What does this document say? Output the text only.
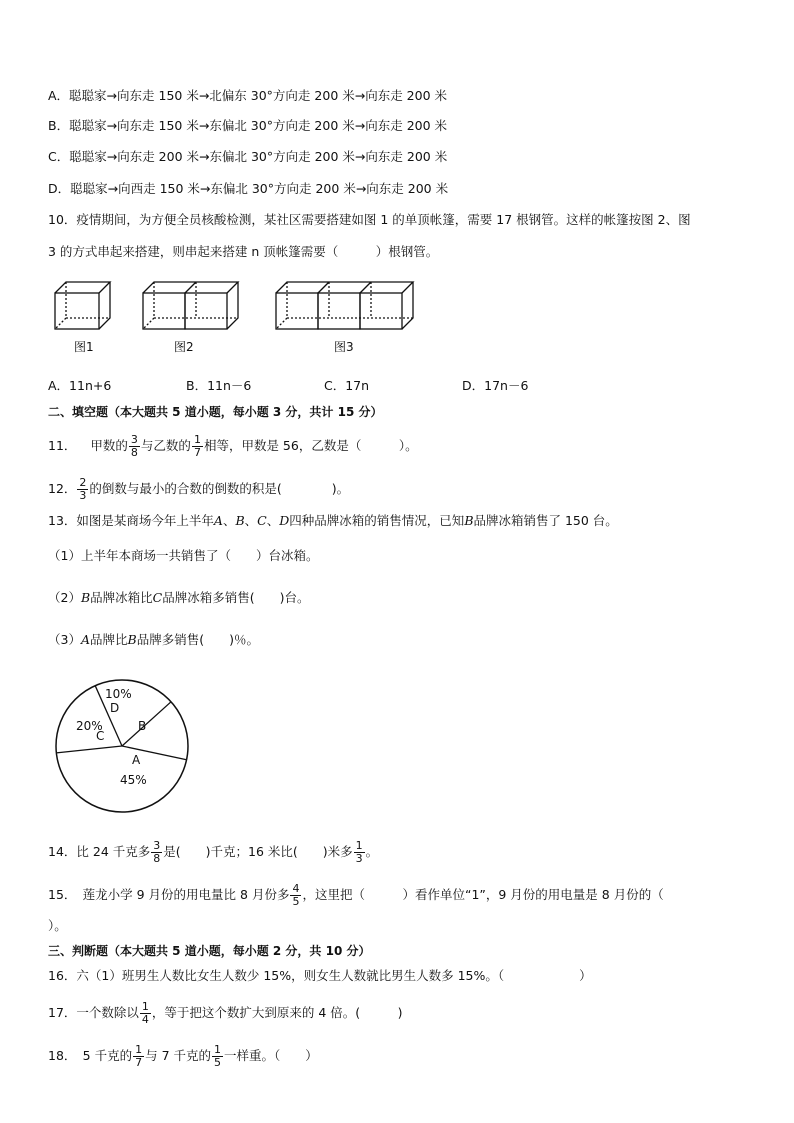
A．聪聪家→向东走 150 米→北偏东 30°方向走 200 米→向东走 200 米
B．聪聪家→向东走 150 米→东偏北 30°方向走 200 米→向东走 200 米
C．聪聪家→向东走 200 米→东偏北 30°方向走 200 米→向东走 200 米
D．聪聪家→向西走 150 米→东偏北 30°方向走 200 米→向东走 200 米
10．疫情期间，为方便全员核酸检测，某社区需要搭建如图 1 的单顶帐篷，需要 17 根钢管。这样的帐篷按图 2、图
3 的方式串起来搭建，则串起来搭建 n 顶帐篷需要（　　　）根钢管。
图1	图2	图3
A．11n+6	B．11n－6	C．17n	D．17n－6
二、填空题（本大题共 5 道小题，每小题 3 分，共计 15 分）
11． 甲数的 $\frac{3}{8}$ 与乙数的 $\frac{1}{7}$ 相等，甲数是 56，乙数是（　　　）。
12． $\frac{2}{3}$ 的倒数与最小的合数的倒数的积是(　　　　)。
13．如图是某商场今年上半年A、B、C、D四种品牌冰箱的销售情况，已知B品牌冰箱销售了 150 台。
（1）上半年本商场一共销售了（　　）台冰箱。
（2）B品牌冰箱比C品牌冰箱多销售(　　)台。
（3）A品牌比B品牌多销售(　　)％。
A
45%
B
C
20%
D
10%
14．比 24 千克多 $\frac{3}{8}$ 是(　　)千克；16 米比(　　)米多 $\frac{1}{3}$ 。
15．　莲龙小学 9 月份的用电量比 8 月份多 $\frac{4}{5}$ ，这里把（　　　）看作单位“1”，9 月份的用电量是 8 月份的（
）。
三、判断题（本大题共 5 道小题，每小题 2 分，共 10 分）
16．六（1）班男生人数比女生人数少 15%，则女生人数就比男生人数多 15%。（　　　　　　）
17．一个数除以 $\frac{1}{4}$ ，等于把这个数扩大到原来的 4 倍。(　　　)
18．　5 千克的 $\frac{1}{7}$ 与 7 千克的 $\frac{1}{5}$ 一样重。（　　）
